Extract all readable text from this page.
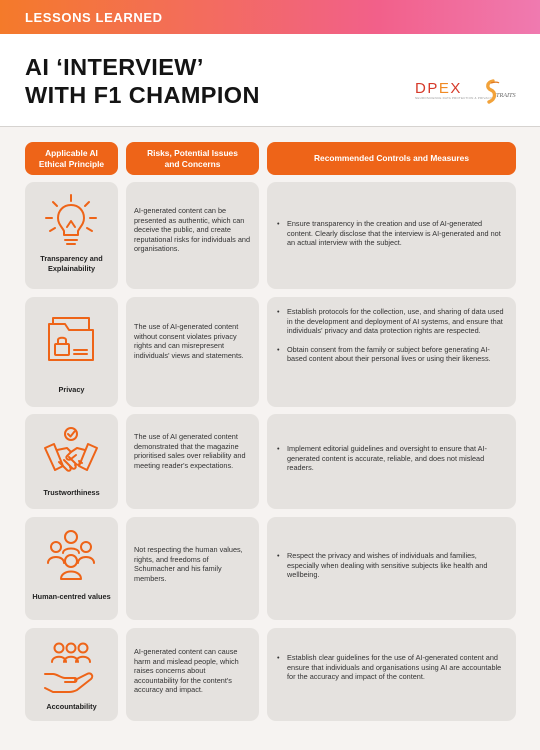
LESSONS LEARNED
AI ‘INTERVIEW’
WITH F1 CHAMPION	DPEX
NEUROSCIENCE DATA PROTECTION & PRIVACY TRAITS
Applicable AI Ethical Principle
Risks, Potential Issues and Concerns
Recommended Controls and Measures
Transparency and Explainability
AI-generated content can be presented as authentic, which can deceive the public, and create reputational risks for individuals and organisations.
• Ensure transparency in the creation and use of AI-generated content. Clearly disclose that the interview is AI-generated and not an actual interview with the subject.
Privacy
The use of AI-generated content without consent violates privacy rights and can misrepresent individuals' views and statements.
• Establish protocols for the collection, use, and sharing of data used in the development and deployment of AI systems, and ensure that individuals' privacy and data protection rights are respected.
• Obtain consent from the family or subject before generating AI-based content about their personal lives or using their likeness.
Trustworthiness
The use of AI generated content demonstrated that the magazine prioritised sales over reliability and meeting reader's expectations.
• Implement editorial guidelines and oversight to ensure that AI-generated content is accurate, reliable, and does not mislead readers.
Human-centred values
Not respecting the human values, rights, and freedoms of Schumacher and his family members.
• Respect the privacy and wishes of individuals and families, especially when dealing with sensitive subjects like health and wellbeing.
Accountability
AI-generated content can cause harm and mislead people, which raises concerns about accountability for the content's accuracy and impact.
• Establish clear guidelines for the use of AI-generated content and ensure that individuals and organisations using AI are accountable for the accuracy and impact of the content.
